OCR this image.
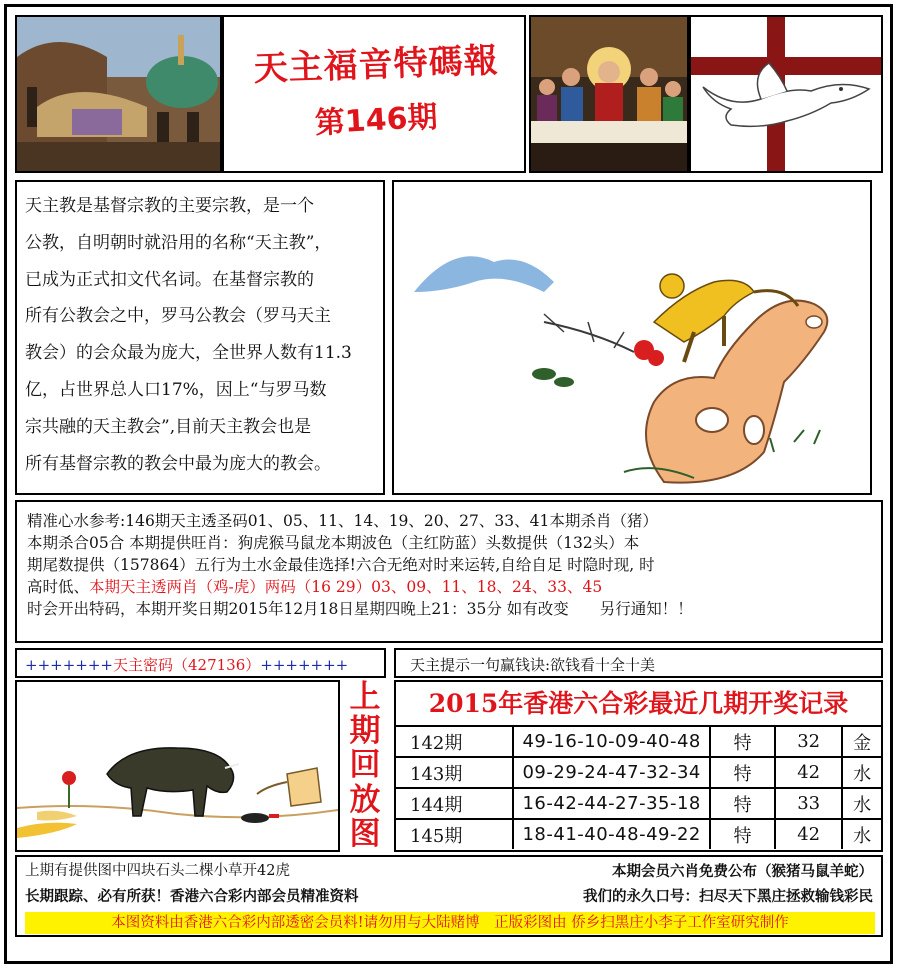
天主福音特碼報
第146期

天主教是基督宗教的主要宗教，是一个

公教，自明朝时就沿用的名称“天主教”，

已成为正式扣文代名词。在基督宗教的

所有公教会之中，罗马公教会（罗马天主

教会）的会众最为庞大，全世界人数有11.3

亿，占世界总人口17%，因上“与罗马数

宗共融的天主教会”,目前天主教会也是

所有基督宗教的教会中最为庞大的教会。

精准心水参考:146期天主透圣码01、05、11、14、19、20、27、33、41本期杀肖（猪）

本期杀合05合 本期提供旺肖：狗虎猴马鼠龙本期波色（主红防蓝）头数提供（132头）本

期尾数提供（157864）五行为土水金最佳选择!六合无绝对时来运转,自给自足 时隐时现, 时

高时低、本期天主透两肖（鸡-虎）两码（16 29）03、09、11、18、24、33、45

时会开出特码，本期开奖日期2015年12月18日星期四晚上21：35分 如有改变　　另行通知！！

+++++++天主密码（427136）+++++++	天主提示一句赢钱诀:欲钱看十全十美
上
期
回
放
图
2015年香港六合彩最近几期开奖记录
142期	49-16-10-09-40-48	特	32	金
143期	09-29-24-47-32-34	特	42	水
144期	16-42-44-27-35-18	特	33	水
145期	18-41-40-48-49-22	特	42	水
上期有提供图中四块石头二棵小草开42虎	本期会员六肖免费公布（猴猪马鼠羊蛇）
长期跟踪、必有所获！香港六合彩内部会员精准资料	我们的永久口号：扫尽天下黑庄拯救输钱彩民
本图资料由香港六合彩内部透密会员料!请勿用与大陆赌博　正版彩图由 侨乡扫黑庄小李子工作室研究制作
